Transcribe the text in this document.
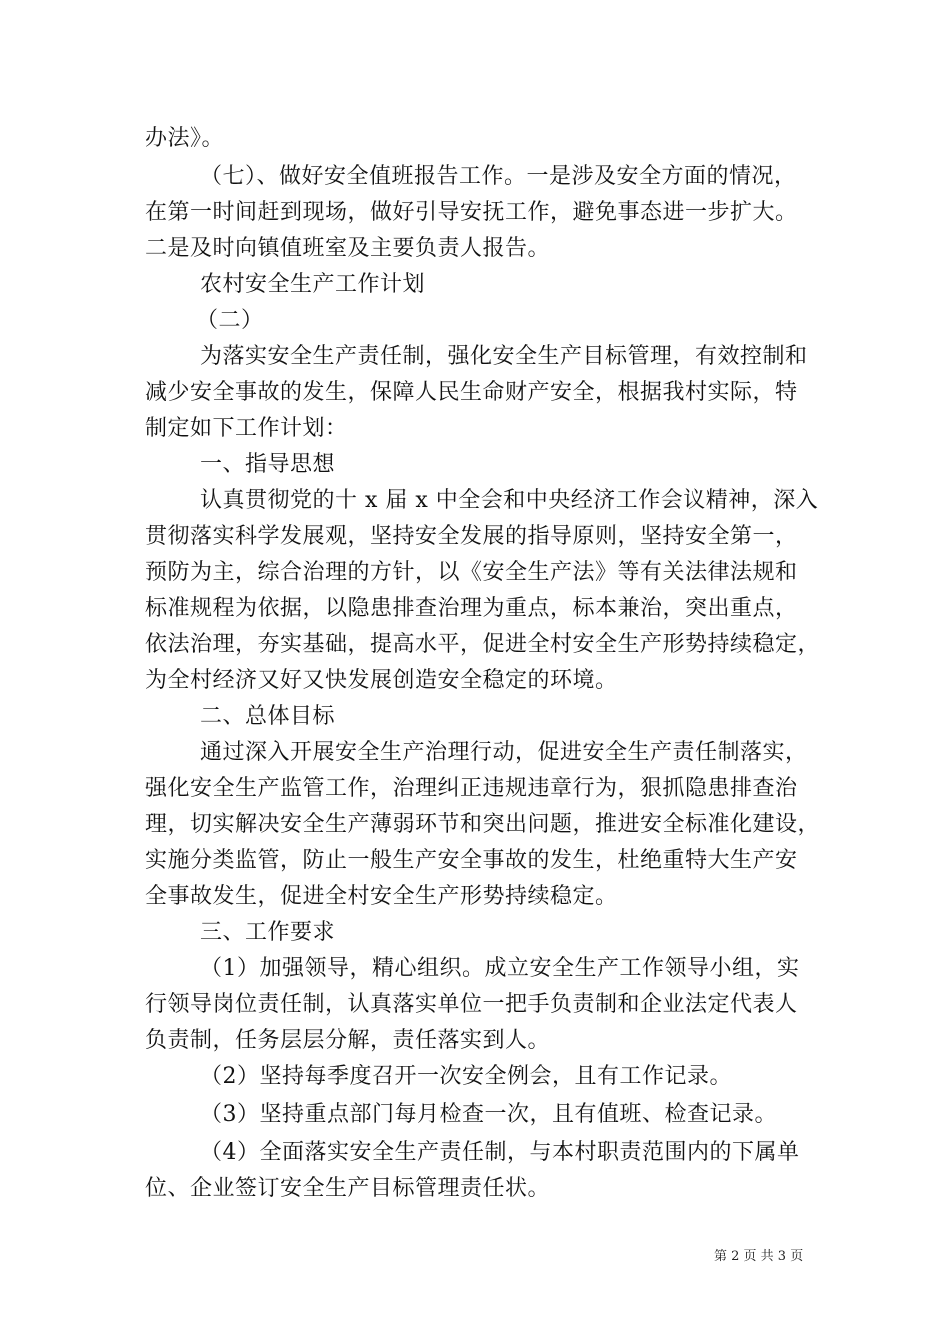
办法》。
（七）、做好安全值班报告工作。一是涉及安全方面的情况，
在第一时间赶到现场，做好引导安抚工作，避免事态进一步扩大。
二是及时向镇值班室及主要负责人报告。
农村安全生产工作计划
（二）
为落实安全生产责任制，强化安全生产目标管理，有效控制和
减少安全事故的发生，保障人民生命财产安全，根据我村实际，特
制定如下工作计划：
一、指导思想
认真贯彻党的十 x 届 x 中全会和中央经济工作会议精神，深入
贯彻落实科学发展观，坚持安全发展的指导原则，坚持安全第一，
预防为主，综合治理的方针，以《安全生产法》等有关法律法规和
标准规程为依据，以隐患排查治理为重点，标本兼治，突出重点，
依法治理，夯实基础，提高水平，促进全村安全生产形势持续稳定，
为全村经济又好又快发展创造安全稳定的环境。
二、总体目标
通过深入开展安全生产治理行动，促进安全生产责任制落实，
强化安全生产监管工作，治理纠正违规违章行为，狠抓隐患排查治
理，切实解决安全生产薄弱环节和突出问题，推进安全标准化建设，
实施分类监管，防止一般生产安全事故的发生，杜绝重特大生产安
全事故发生，促进全村安全生产形势持续稳定。
三、工作要求
（1）加强领导，精心组织。成立安全生产工作领导小组，实
行领导岗位责任制，认真落实单位一把手负责制和企业法定代表人
负责制，任务层层分解，责任落实到人。
（2）坚持每季度召开一次安全例会，且有工作记录。
（3）坚持重点部门每月检查一次，且有值班、检查记录。
（4）全面落实安全生产责任制，与本村职责范围内的下属单
位、企业签订安全生产目标管理责任状。
第 2 页 共 3 页
